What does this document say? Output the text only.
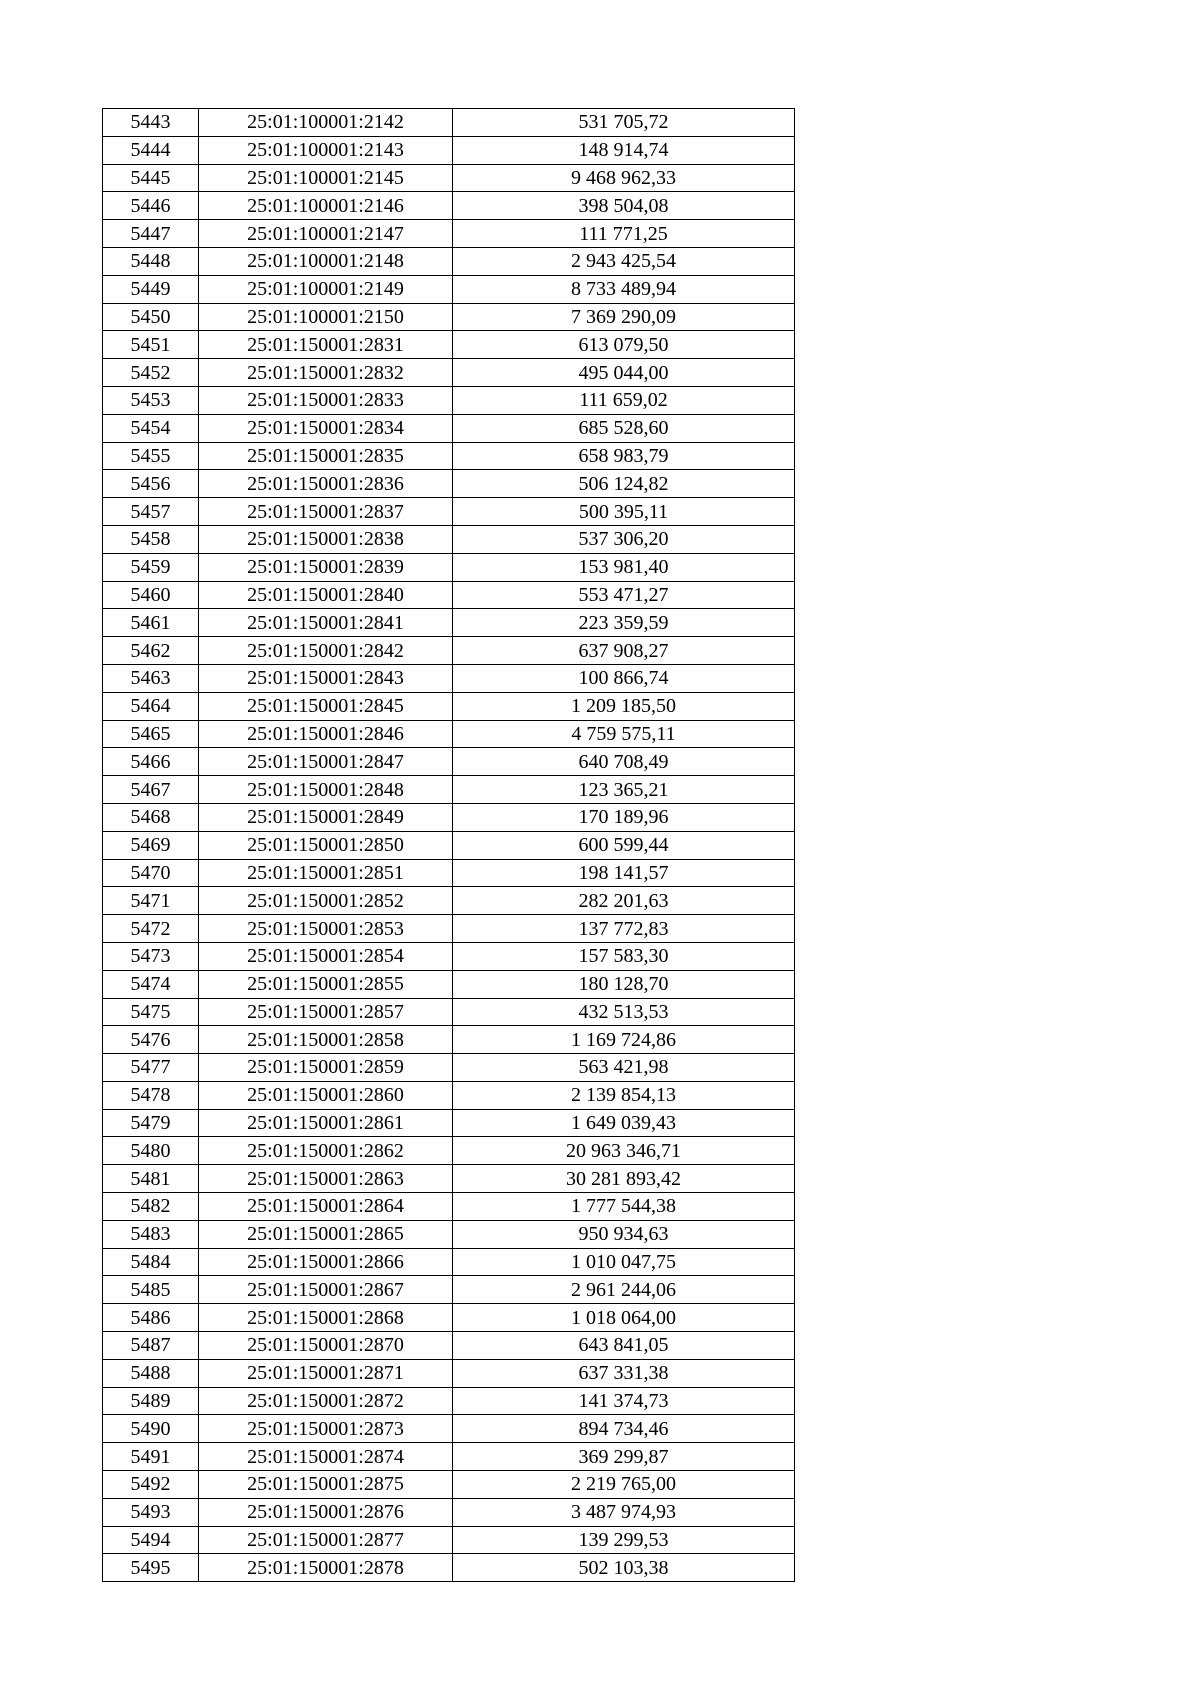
5443	25:01:100001:2142	531 705,72
5444	25:01:100001:2143	148 914,74
5445	25:01:100001:2145	9 468 962,33
5446	25:01:100001:2146	398 504,08
5447	25:01:100001:2147	111 771,25
5448	25:01:100001:2148	2 943 425,54
5449	25:01:100001:2149	8 733 489,94
5450	25:01:100001:2150	7 369 290,09
5451	25:01:150001:2831	613 079,50
5452	25:01:150001:2832	495 044,00
5453	25:01:150001:2833	111 659,02
5454	25:01:150001:2834	685 528,60
5455	25:01:150001:2835	658 983,79
5456	25:01:150001:2836	506 124,82
5457	25:01:150001:2837	500 395,11
5458	25:01:150001:2838	537 306,20
5459	25:01:150001:2839	153 981,40
5460	25:01:150001:2840	553 471,27
5461	25:01:150001:2841	223 359,59
5462	25:01:150001:2842	637 908,27
5463	25:01:150001:2843	100 866,74
5464	25:01:150001:2845	1 209 185,50
5465	25:01:150001:2846	4 759 575,11
5466	25:01:150001:2847	640 708,49
5467	25:01:150001:2848	123 365,21
5468	25:01:150001:2849	170 189,96
5469	25:01:150001:2850	600 599,44
5470	25:01:150001:2851	198 141,57
5471	25:01:150001:2852	282 201,63
5472	25:01:150001:2853	137 772,83
5473	25:01:150001:2854	157 583,30
5474	25:01:150001:2855	180 128,70
5475	25:01:150001:2857	432 513,53
5476	25:01:150001:2858	1 169 724,86
5477	25:01:150001:2859	563 421,98
5478	25:01:150001:2860	2 139 854,13
5479	25:01:150001:2861	1 649 039,43
5480	25:01:150001:2862	20 963 346,71
5481	25:01:150001:2863	30 281 893,42
5482	25:01:150001:2864	1 777 544,38
5483	25:01:150001:2865	950 934,63
5484	25:01:150001:2866	1 010 047,75
5485	25:01:150001:2867	2 961 244,06
5486	25:01:150001:2868	1 018 064,00
5487	25:01:150001:2870	643 841,05
5488	25:01:150001:2871	637 331,38
5489	25:01:150001:2872	141 374,73
5490	25:01:150001:2873	894 734,46
5491	25:01:150001:2874	369 299,87
5492	25:01:150001:2875	2 219 765,00
5493	25:01:150001:2876	3 487 974,93
5494	25:01:150001:2877	139 299,53
5495	25:01:150001:2878	502 103,38
